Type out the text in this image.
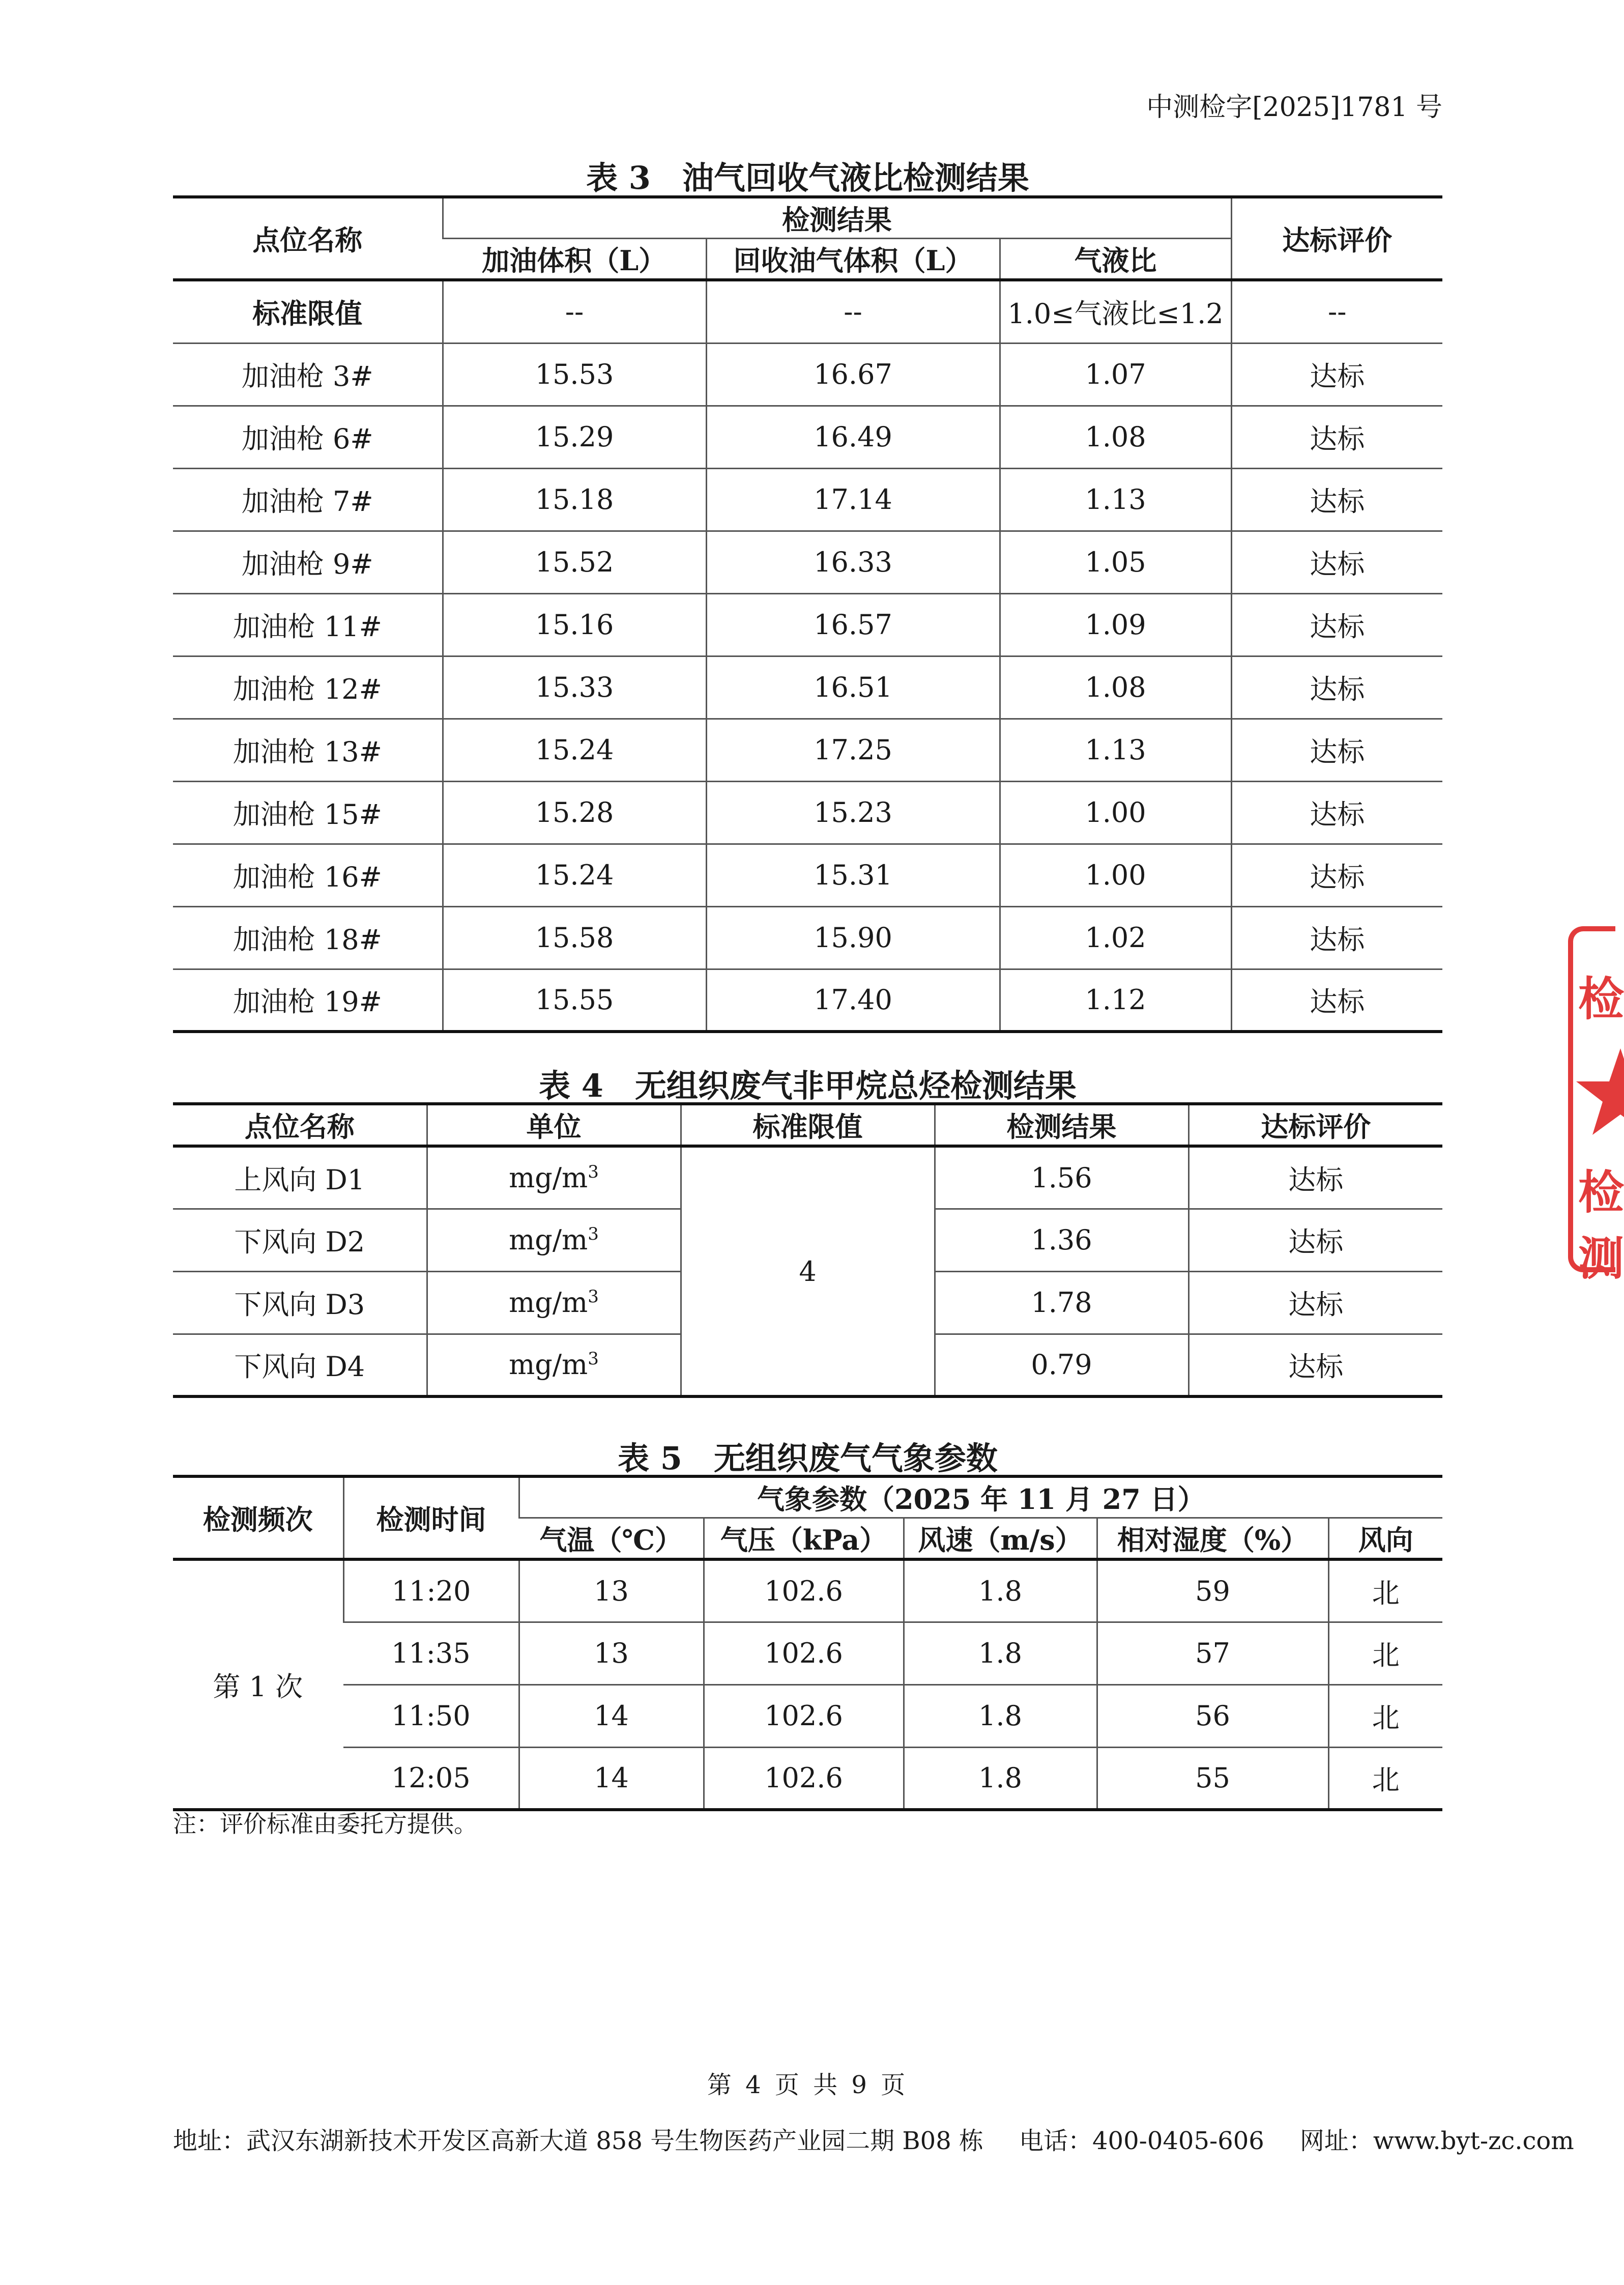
中测检字[2025]1781 号
表 3　油气回收气液比检测结果
点位名称	检测结果			达标评价
	加油体积（L）	回收油气体积（L）	气液比	
标准限值	--	--	1.0≤气液比≤1.2	--
加油枪 3#	15.53	16.67	1.07	达标
加油枪 6#	15.29	16.49	1.08	达标
加油枪 7#	15.18	17.14	1.13	达标
加油枪 9#	15.52	16.33	1.05	达标
加油枪 11#	15.16	16.57	1.09	达标
加油枪 12#	15.33	16.51	1.08	达标
加油枪 13#	15.24	17.25	1.13	达标
加油枪 15#	15.28	15.23	1.00	达标
加油枪 16#	15.24	15.31	1.00	达标
加油枪 18#	15.58	15.90	1.02	达标
加油枪 19#	15.55	17.40	1.12	达标
表 4　无组织废气非甲烷总烃检测结果
点位名称	单位	标准限值	检测结果	达标评价
上风向 D1	$mg/m^3$	4	1.56	达标
下风向 D2	$mg/m^3$		1.36	达标
下风向 D3	$mg/m^3$		1.78	达标
下风向 D4	$mg/m^3$		0.79	达标
表 5　无组织废气气象参数
检测频次	检测时间	气象参数（2025 年 11 月 27 日）				
		气温（℃）	气压（kPa）	风速（m/s）	相对湿度（%）	风向
第 1 次	11:20	13	102.6	1.8	59	北
	11:35	13	102.6	1.8	57	北
	11:50	14	102.6	1.8	56	北
	12:05	14	102.6	1.8	55	北
注：评价标准由委托方提供。
第 4 页 共 9 页
地址：武汉东湖新技术开发区高新大道 858 号生物医药产业园二期 B08 栋 电话：400-0405-606 网址：www.byt-zc.com
检
检测
